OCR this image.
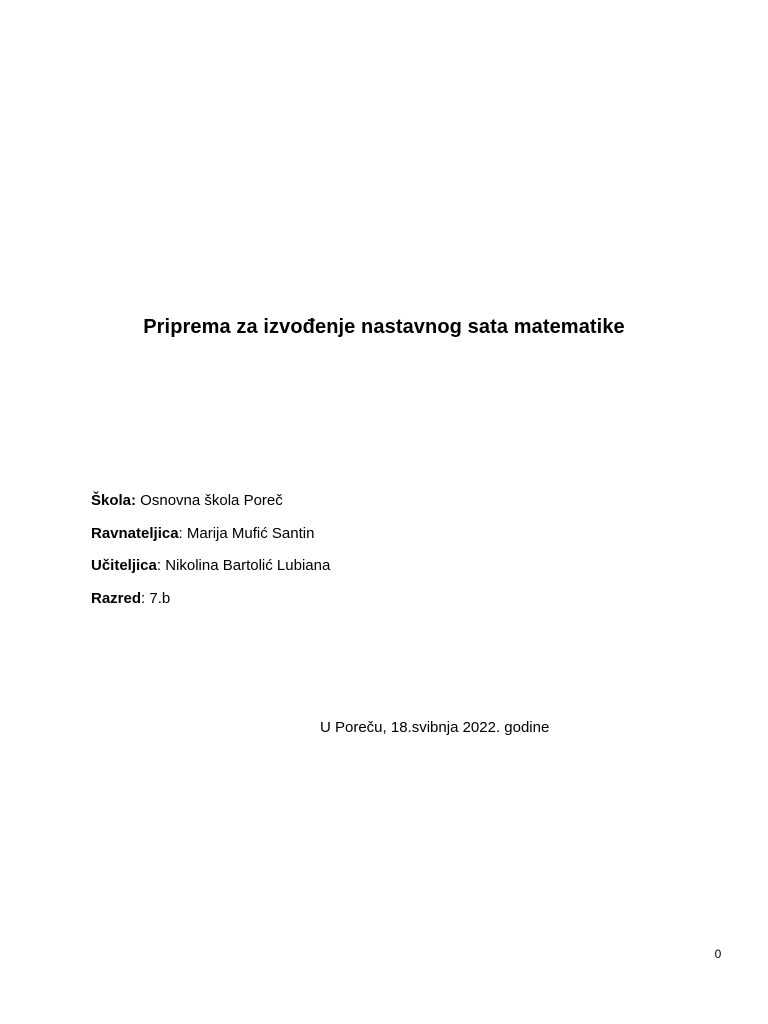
Priprema za izvođenje nastavnog sata matematike
Škola: Osnovna škola Poreč
Ravnateljica: Marija Mufić Santin
Učiteljica: Nikolina Bartolić Lubiana
Razred: 7.b
U Poreču, 18.svibnja 2022. godine
0
